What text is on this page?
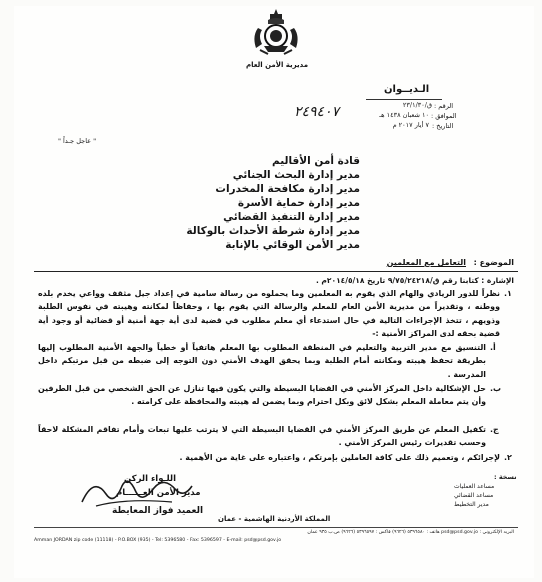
مديرية الأمن العام
الـديــوان
الرقم :
ق/٢٣/١/٣٠
الموافق :
١٠ شعبان ١٤٣٨ هـ
التاريخ :
٧ أيار ٢٠١٧ م
٢٤٩٤٠٧
" عاجل جـداً "
قادة أمن الأقاليم
مدير إدارة البحث الجنائي
مدير إدارة مكافحة المخدرات
مدير إدارة حماية الأسرة
مدير إدارة التنفيذ القضائي
مدير إدارة شرطة الأحداث بالوكالة
مدير الأمن الوقائي بالإنابة
الموضوع :
التعامل مع المعلمين
الإشارة : كتابنا رقم ق/٩/٧٥/٢٤٢١٨ تاريخ ٢٠١٤/٥/١٨م .
.١
نظراً للدور الريادي والهام الذي يقوم به المعلمين وما يحملوه من رسالة سامية في إعداد جيل مثقف وواعي يخدم بلده ووطنه ، وتقديراً من مديرية الأمن العام للمعلم والرسالة التي يقوم بها ، وحفاظاً لمكانته وهيبته في نفوس الطلبة وذويهم ، تتخذ الإجراءات التالية في حال استدعاء أي معلم مطلوب في قضية لدى أية جهة أمنية أو قضائية أو وجود أية قضية بحقه لدى المراكز الأمنية :-
أ.
التنسيق مع مدير التربية والتعليم في المنطقة المطلوب بها المعلم هاتفياً أو خطياً والجهة الأمنية المطلوب إليها بطريقة تحفظ هيبته ومكانته أمام الطلبة وبما يحقق الهدف الأمني دون التوجه إلى ضبطه من قبل مرتبكم داخل المدرسة .
ب.
حل الإشكالية داخل المركز الأمني في القضايا البسيطة والتي يكون فيها تنازل عن الحق الشخصي من قبل الطرفين وأن يتم معاملة المعلم بشكل لائق وبكل احترام وبما يضمن له هيبته والمحافظة على كرامته .
ج.
تكفيل المعلم عن طريق المركز الأمني في القضايا البسيطة التي لا يترتب عليها تبعات وأمام تفاقم المشكلة لاحقاً وحسب تقديرات رئيس المركز الأمني .
.٢
لإجرائكم ، وتعميم ذلك على كافة العاملين بإمرتكم ، واعتباره على غاية من الأهمية .
اللـواء الركن
مدير الأمن العــــــام
العميد فواز المعايطة
نسخة :
مساعد العمليات
مساعد القضائي
مدير التخطيط
المملكة الأردنية الهاشمية - عمان
البريد الإلكتروني : psd@psd.gov.jo هاتف : ٥٣٩٦٥٨٠ (٩٦٢٦) فاكس : ٥٣٩٦٥٩٧ (٩٦٢٦) ص.ب ٩٣٥ عمان
Amman JORDAN zip code (11118) - P.O.BOX (935) - Tel: 5396580 - Fax: 5396597 - E-mail: psd@psd.gov.jo
